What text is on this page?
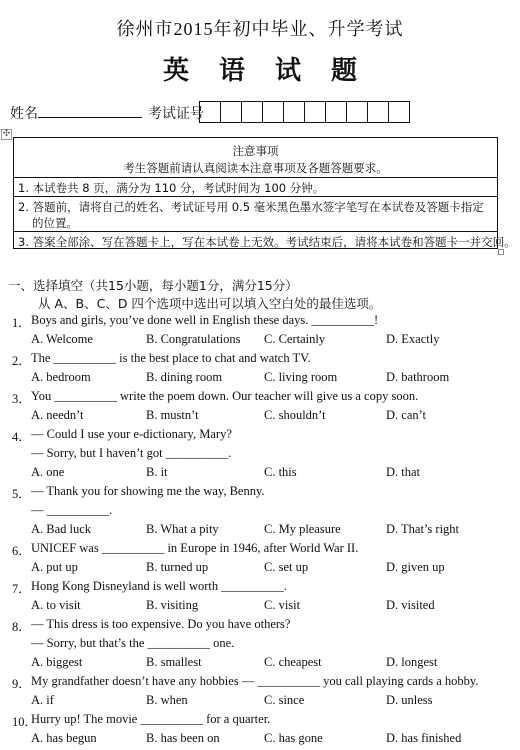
徐州市2015年初中毕业、升学考试
英语试题
姓名	考试证号
✣
注意事项
考生答题前请认真阅读本注意事项及各题答题要求。
1. 本试卷共 8 页，满分为 110 分，考试时间为 100 分钟。
2. 答题前，请将自己的姓名、考试证号用 0.5 毫米黑色墨水签字笔写在本试卷及答题卡指定
的位置。
3. 答案全部涂、写在答题卡上，写在本试卷上无效。考试结束后，请将本试卷和答题卡一并交回。
一、选择填空（共15小题，每小题1分，满分15分）
从 A、B、C、D 四个选项中选出可以填入空白处的最佳选项。
1． Boys and girls, you’ve done well in English these days. __________!
A. Welcome	B. Congratulations C. Certainly	D. Exactly
2． The __________ is the best place to chat and watch TV.
A. bedroom	B. dining room	C. living room	D. bathroom
3． You __________ write the poem down. Our teacher will give us a copy soon.
A. needn’t	B. mustn’t	C. shouldn’t	D. can’t
4． — Could I use your e-dictionary, Mary?
— Sorry, but I haven’t got __________.
A. one	B. it	C. this	D. that
5． — Thank you for showing me the way, Benny.
— __________.
A. Bad luck	B. What a pity	C. My pleasure	D. That’s right
6． UNICEF was __________ in Europe in 1946, after World War II.
A. put up	B. turned up	C. set up	D. given up
7． Hong Kong Disneyland is well worth __________.
A. to visit	B. visiting	C. visit	D. visited
8． — This dress is too expensive. Do you have others?
— Sorry, but that’s the __________ one.
A. biggest	B. smallest	C. cheapest	D. longest
9． My grandfather doesn’t have any hobbies — __________ you call playing cards a hobby.
A. if	B. when	C. since	D. unless
10．
Hurry up! The movie __________ for a quarter.
A. has begun	B. has been on	C. has gone	D. has finished
